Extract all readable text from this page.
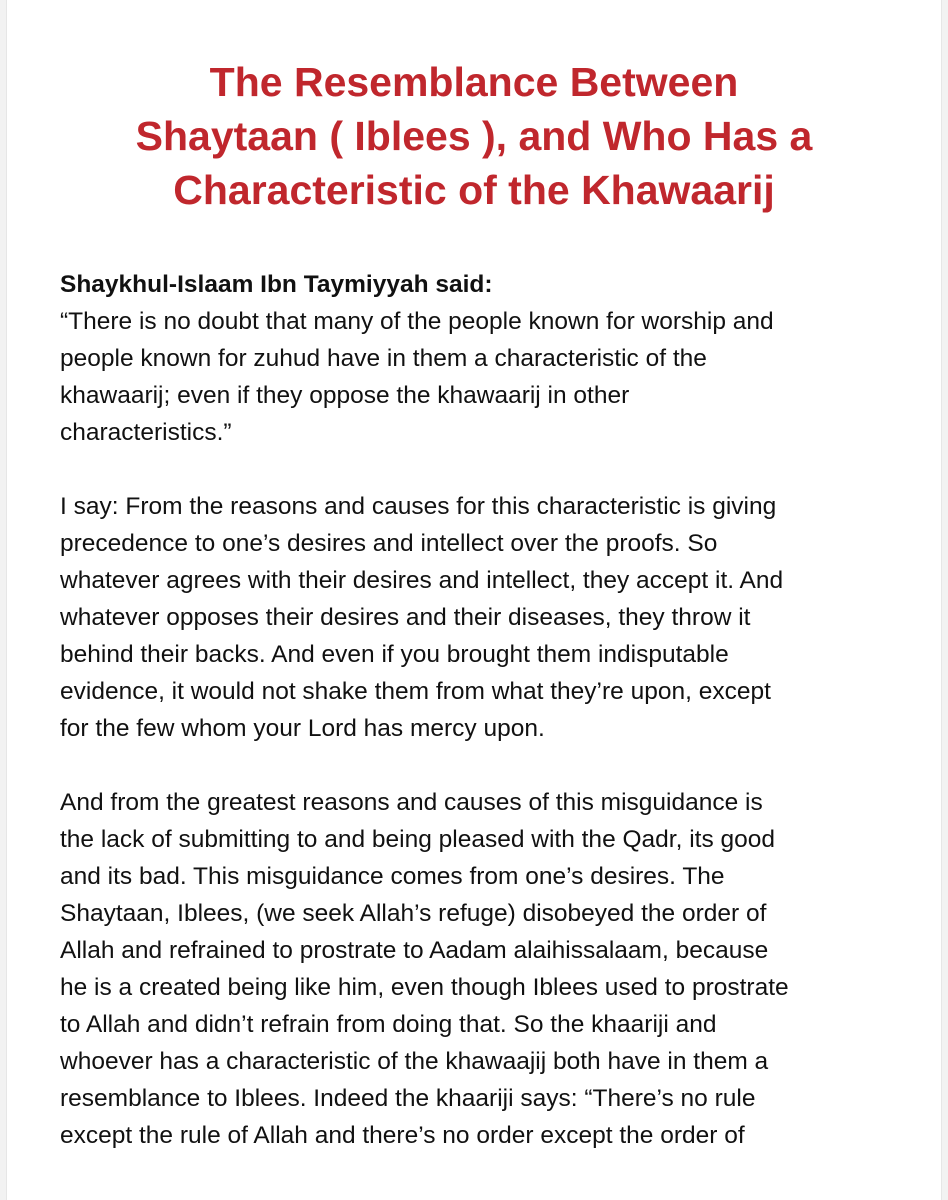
The Resemblance Between
Shaytaan ( Iblees ), and Who Has a
Characteristic of the Khawaarij
Shaykhul-Islaam Ibn Taymiyyah said:
“There is no doubt that many of the people known for worship and
people known for zuhud have in them a characteristic of the
khawaarij; even if they oppose the khawaarij in other
characteristics.”
I say: From the reasons and causes for this characteristic is giving
precedence to one’s desires and intellect over the proofs. So
whatever agrees with their desires and intellect, they accept it. And
whatever opposes their desires and their diseases, they throw it
behind their backs. And even if you brought them indisputable
evidence, it would not shake them from what they’re upon, except
for the few whom your Lord has mercy upon.
And from the greatest reasons and causes of this misguidance is
the lack of submitting to and being pleased with the Qadr, its good
and its bad. This misguidance comes from one’s desires. The
Shaytaan, Iblees, (we seek Allah’s refuge) disobeyed the order of
Allah and refrained to prostrate to Aadam alaihissalaam, because
he is a created being like him, even though Iblees used to prostrate
to Allah and didn’t refrain from doing that. So the khaariji and
whoever has a characteristic of the khawaajij both have in them a
resemblance to Iblees. Indeed the khaariji says: “There’s no rule
except the rule of Allah and there’s no order except the order of
